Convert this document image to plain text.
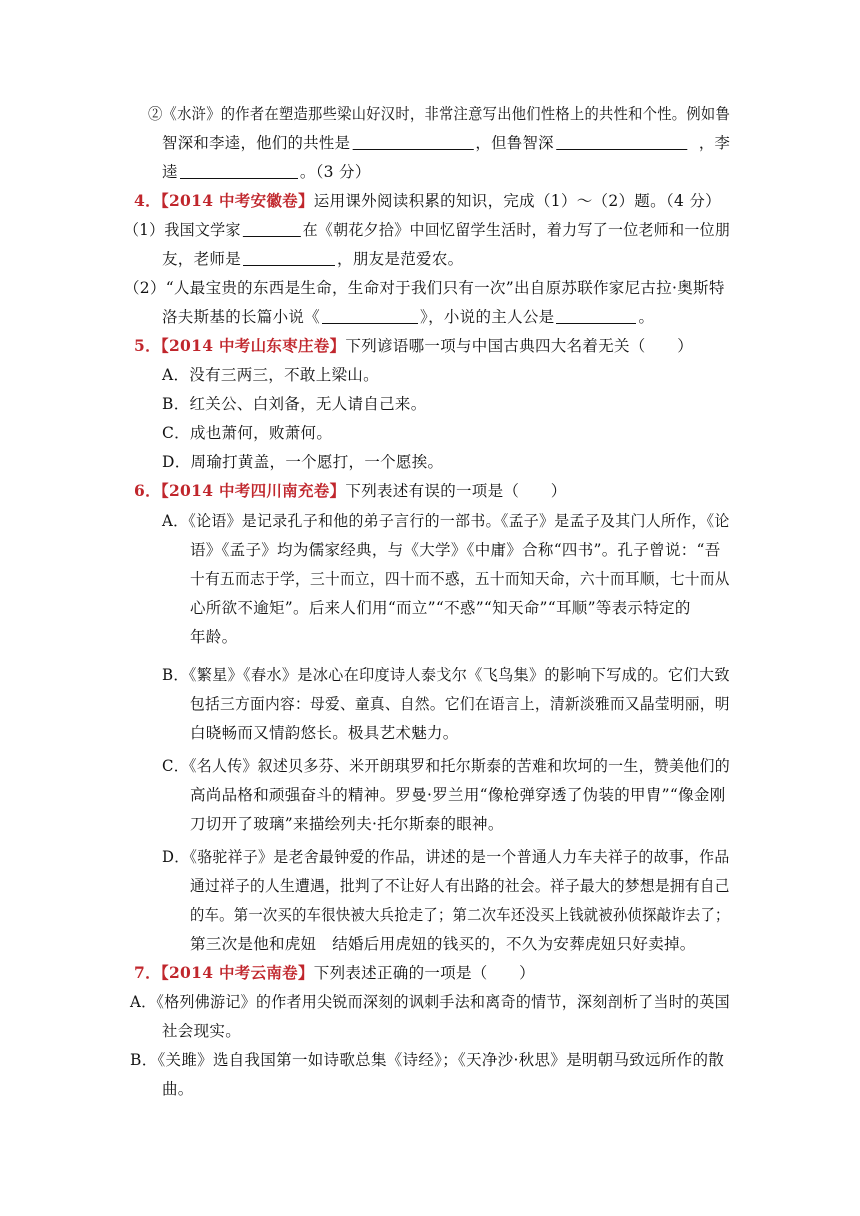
②《水浒》的作者在塑造那些梁山好汉时，非常注意写出他们性格上的共性和个性。例如鲁
智深和李逵，他们的共性是	，但鲁智深	，李
逵	。（3 分）
4．【2014 中考安徽卷】运用课外阅读积累的知识，完成（1）～（2）题。（4 分）
（1）我国文学家	在《朝花夕拾》中回忆留学生活时，着力写了一位老师和一位朋
友，老师是	，朋友是范爱农。
（2）“人最宝贵的东西是生命，生命对于我们只有一次”出自原苏联作家尼古拉·奥斯特
洛夫斯基的长篇小说《	》，小说的主人公是	。
5．【2014 中考山东枣庄卷】下列谚语哪一项与中国古典四大名着无关（　　）
A．没有三两三，不敢上梁山。
B．红关公、白刘备，无人请自己来。
C．成也萧何，败萧何。
D．周瑜打黄盖，一个愿打，一个愿挨。
6．【2014 中考四川南充卷】下列表述有误的一项是（　　）
A．《论语》是记录孔子和他的弟子言行的一部书。《孟子》是孟子及其门人所作，《论
语》《孟子》均为儒家经典，与《大学》《中庸》合称“四书”。孔子曾说：“吾
十有五而志于学，三十而立，四十而不惑，五十而知天命，六十而耳顺，七十而从
心所欲不逾矩”。后来人们用“而立”“不惑”“知天命”“耳顺”等表示特定的
年龄。
B．《繁星》《春水》是冰心在印度诗人泰戈尔《飞鸟集》的影响下写成的。它们大致
包括三方面内容：母爱、童真、自然。它们在语言上，清新淡雅而又晶莹明丽，明
白晓畅而又情韵悠长。极具艺术魅力。
C．《名人传》叙述贝多芬、米开朗琪罗和托尔斯泰的苦难和坎坷的一生，赞美他们的
高尚品格和顽强奋斗的精神。罗曼·罗兰用“像枪弹穿透了伪装的甲胄”“像金刚
刀切开了玻璃”来描绘列夫·托尔斯泰的眼神。
D．《骆驼祥子》是老舍最钟爱的作品，讲述的是一个普通人力车夫祥子的故事，作品
通过祥子的人生遭遇，批判了不让好人有出路的社会。祥子最大的梦想是拥有自己
的车。第一次买的车很快被大兵抢走了；第二次车还没买上钱就被孙侦探敲诈去了；
第三次是他和虎妞　结婚后用虎妞的钱买的，不久为安葬虎妞只好卖掉。
7．【2014 中考云南卷】下列表述正确的一项是（　　）
A．《格列佛游记》的作者用尖锐而深刻的讽刺手法和离奇的情节，深刻剖析了当时的英国
社会现实。
B．《关雎》选自我国第一如诗歌总集《诗经》；《天净沙·秋思》是明朝马致远所作的散
曲。
